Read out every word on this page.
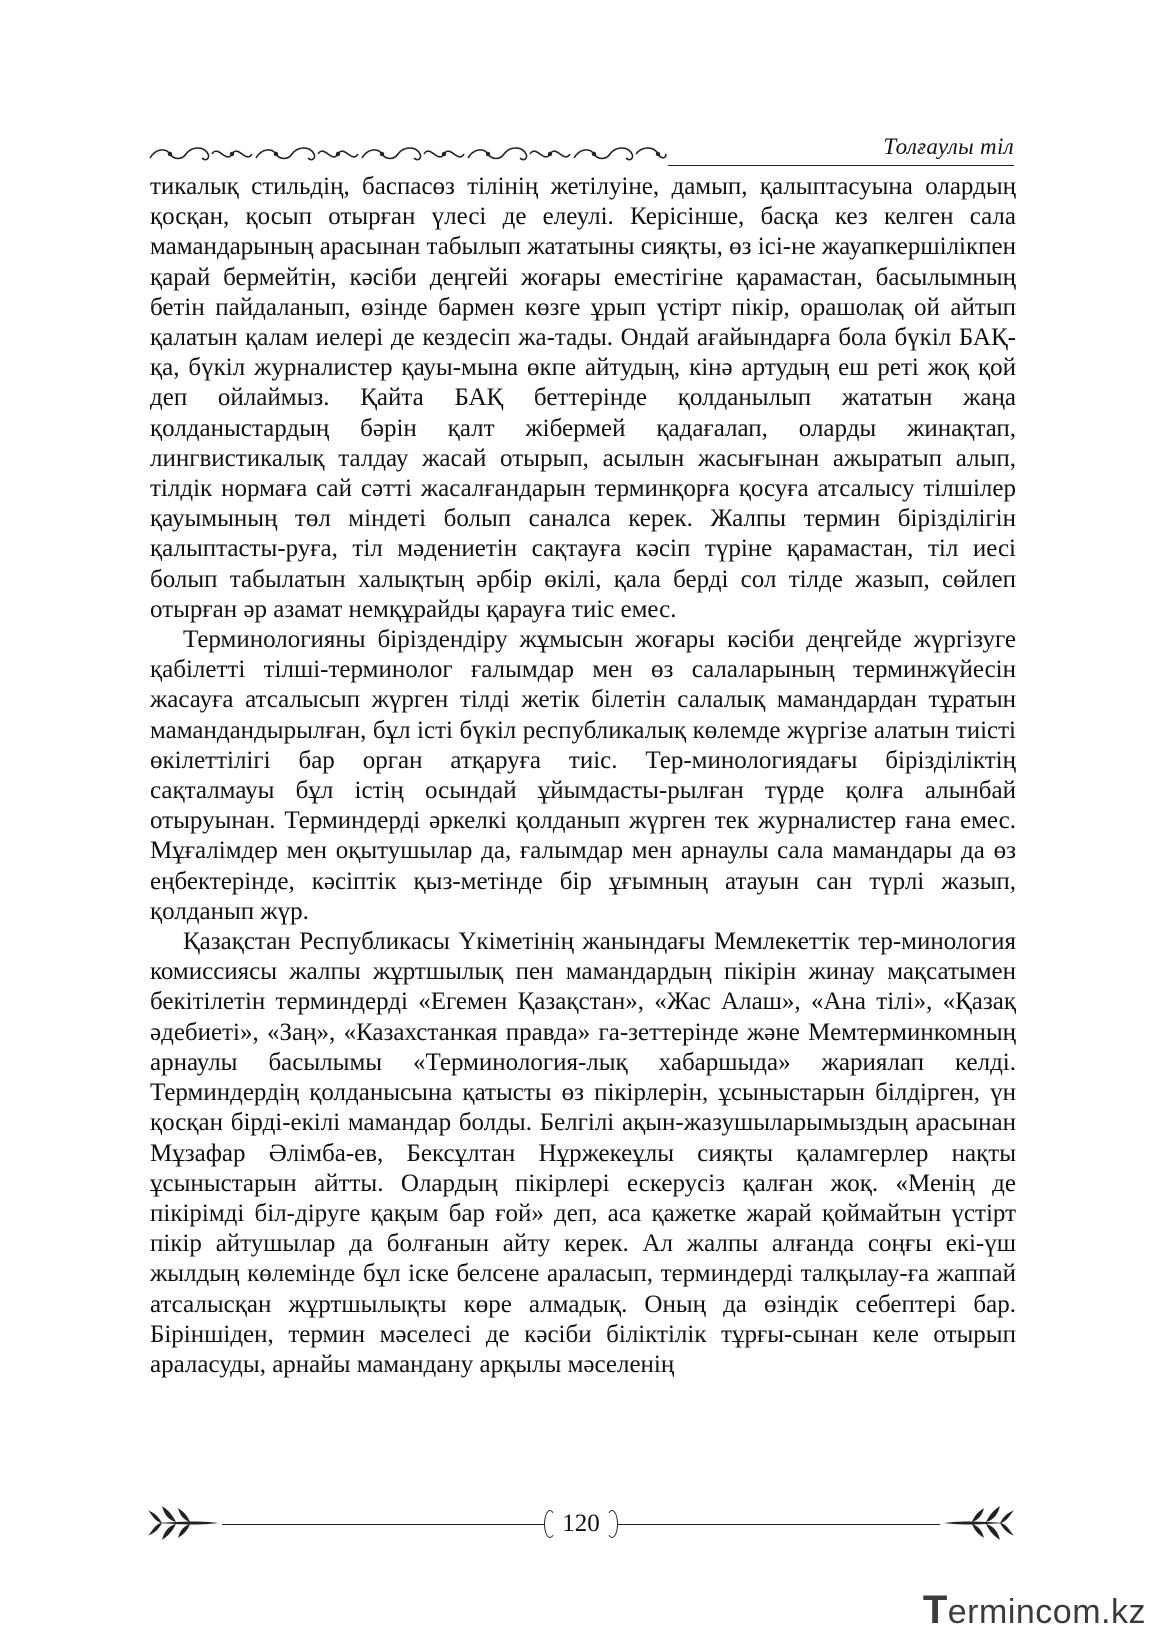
Толғаулы тіл

тикалық стильдің, баспасөз тілінің жетілуіне, дамып, қалыптасуына олардың қосқан, қосып отырған үлесі де елеулі. Керісінше, басқа кез келген сала мамандарының арасынан табылып жататыны сияқты, өз ісі-не жауапкершілікпен қарай бермейтін, кәсіби деңгейі жоғары еместігіне қарамастан, басылымның бетін пайдаланып, өзінде бармен көзге ұрып үстірт пікір, орашолақ ой айтып қалатын қалам иелері де кездесіп жа-тады. Ондай ағайындарға бола бүкіл БАҚ-қа, бүкіл журналистер қауы-мына өкпе айтудың, кінә артудың еш реті жоқ қой деп ойлаймыз. Қайта БАҚ беттерінде қолданылып жататын жаңа қолданыстардың бәрін қалт жібермей қадағалап, оларды жинақтап, лингвистикалық талдау жасай отырып, асылын жасығынан ажыратып алып, тілдік нормаға сай сәтті жасалғандарын терминқорға қосуға атсалысу тілшілер қауымының төл міндеті болып саналса керек. Жалпы термин бірізділігін қалыптасты-руға, тіл мәдениетін сақтауға кәсіп түріне қарамастан, тіл иесі болып табылатын халықтың әрбір өкілі, қала берді сол тілде жазып, сөйлеп отырған әр азамат немқұрайды қарауға тиіс емес.

Терминологияны біріздендіру жұмысын жоғары кәсіби деңгейде жүргізуге қабілетті тілші-терминолог ғалымдар мен өз салаларының терминжүйесін жасауға атсалысып жүрген тілді жетік білетін салалық мамандардан тұратын мамандандырылған, бұл істі бүкіл республикалық көлемде жүргізе алатын тиісті өкілеттілігі бар орган атқаруға тиіс. Тер-минологиядағы бірізділіктің сақталмауы бұл істің осындай ұйымдасты-рылған түрде қолға алынбай отыруынан. Терминдерді әркелкі қолданып жүрген тек журналистер ғана емес. Мұғалімдер мен оқытушылар да, ғалымдар мен арнаулы сала мамандары да өз еңбектерінде, кәсіптік қыз-метінде бір ұғымның атауын сан түрлі жазып, қолданып жүр.

Қазақстан Республикасы Үкіметінің жанындағы Мемлекеттік тер-минология комиссиясы жалпы жұртшылық пен мамандардың пікірін жинау мақсатымен бекітілетін терминдерді «Егемен Қазақстан», «Жас Алаш», «Ана тілі», «Қазақ әдебиеті», «Заң», «Казахстанкая правда» га-зеттерінде және Мемтерминкомның арнаулы басылымы «Терминология-лық хабаршыда» жариялап келді. Терминдердің қолданысына қатысты өз пікірлерін, ұсыныстарын білдірген, үн қосқан бірді-екілі мамандар болды. Белгілі ақын-жазушыларымыздың арасынан Мұзафар Әлімба-ев, Бексұлтан Нұржекеұлы сияқты қаламгерлер нақты ұсыныстарын айтты. Олардың пікірлері ескерусіз қалған жоқ. «Менің де пікірімді біл-діруге қақым бар ғой» деп, аса қажетке жарай қоймайтын үстірт пікір айтушылар да болғанын айту керек. Ал жалпы алғанда соңғы екі-үш жылдың көлемінде бұл іске белсене араласып, терминдерді талқылау-ға жаппай атсалысқан жұртшылықты көре алмадық. Оның да өзіндік себептері бар. Біріншіден, термин мәселесі де кәсіби біліктілік тұрғы-сынан келе отырып араласуды, арнайы мамандану арқылы мәселенің

120
Termincom.kz
